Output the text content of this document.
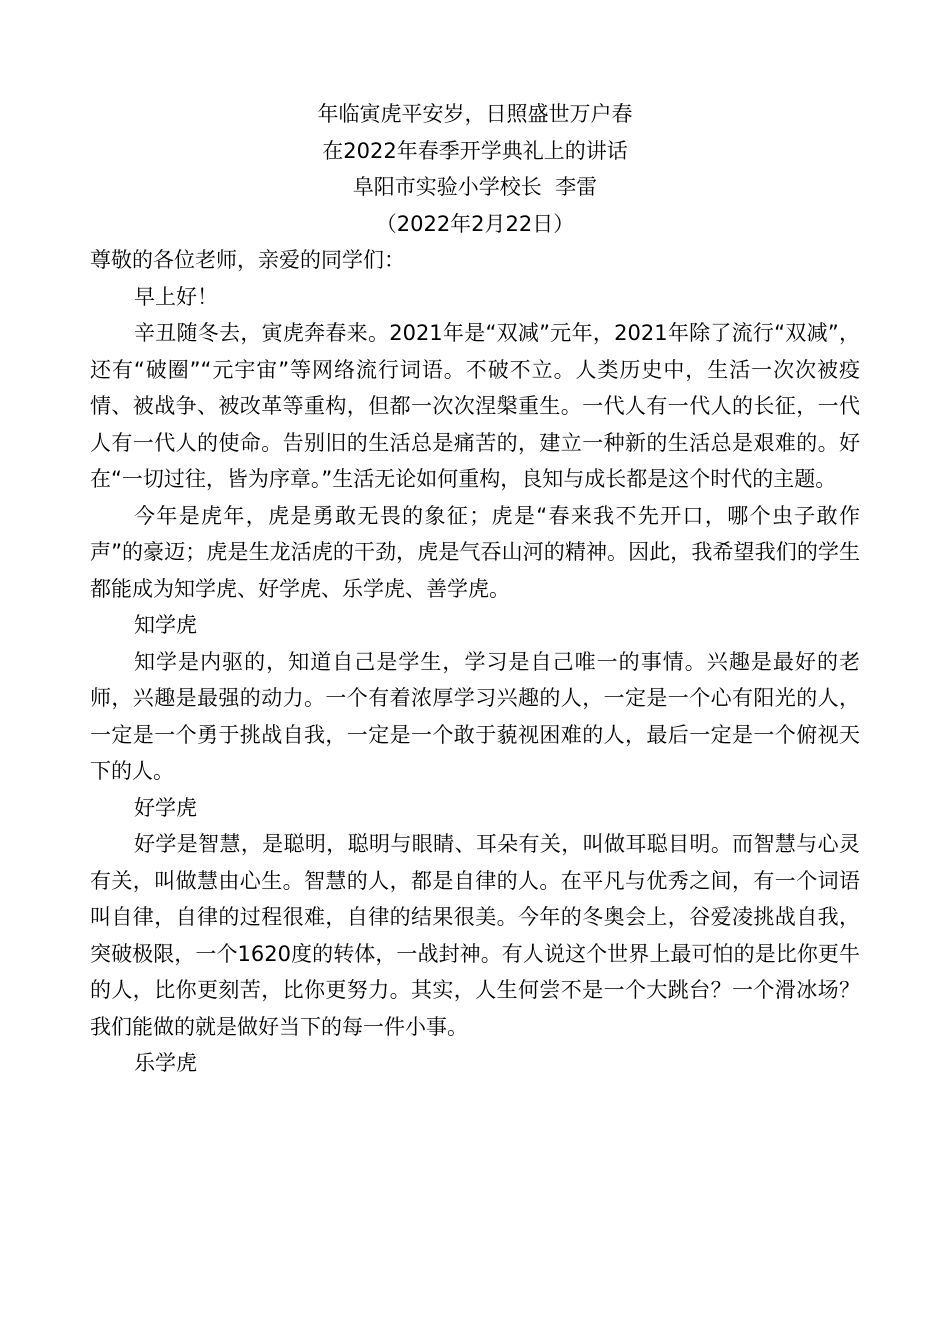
年临寅虎平安岁，日照盛世万户春

在2022年春季开学典礼上的讲话

阜阳市实验小学校长  李雷

（2022年2月22日）

尊敬的各位老师，亲爱的同学们：

早上好！

辛丑随冬去，寅虎奔春来。2021年是“双减”元年，2021年除了流行“双减”，还有“破圈”“元宇宙”等网络流行词语。不破不立。人类历史中，生活一次次被疫情、被战争、被改革等重构，但都一次次涅槃重生。一代人有一代人的长征，一代人有一代人的使命。告别旧的生活总是痛苦的，建立一种新的生活总是艰难的。好在“一切过往，皆为序章。”生活无论如何重构，良知与成长都是这个时代的主题。

今年是虎年，虎是勇敢无畏的象征；虎是“春来我不先开口，哪个虫子敢作声”的豪迈；虎是生龙活虎的干劲，虎是气吞山河的精神。因此，我希望我们的学生都能成为知学虎、好学虎、乐学虎、善学虎。

知学虎

知学是内驱的，知道自己是学生，学习是自己唯一的事情。兴趣是最好的老师，兴趣是最强的动力。一个有着浓厚学习兴趣的人，一定是一个心有阳光的人，一定是一个勇于挑战自我，一定是一个敢于藐视困难的人，最后一定是一个俯视天下的人。

好学虎

好学是智慧，是聪明，聪明与眼睛、耳朵有关，叫做耳聪目明。而智慧与心灵有关，叫做慧由心生。智慧的人，都是自律的人。在平凡与优秀之间，有一个词语叫自律，自律的过程很难，自律的结果很美。今年的冬奥会上，谷爱凌挑战自我，突破极限，一个1620度的转体，一战封神。有人说这个世界上最可怕的是比你更牛的人，比你更刻苦，比你更努力。其实，人生何尝不是一个大跳台？一个滑冰场？我们能做的就是做好当下的每一件小事。

乐学虎
